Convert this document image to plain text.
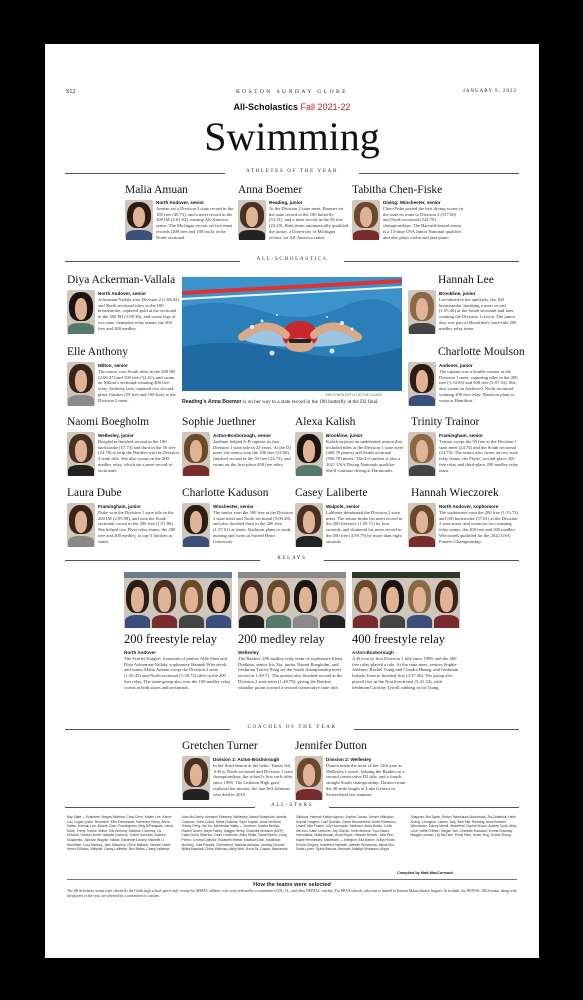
S12	BOSTON SUNDAY GLOBE	JANUARY 9, 2022
All-Scholastics Fall 2021-22
Swimming
ATHLETES OF THE YEAR
Malia Amuan
North Andover, senior
Amuan set a Division 2 state record in the 100 free (49.73), and a meet record in the 200 IM (2:01.02), earning All-America status. The Michigan recruit set two meet records (200 free and 100 back) at the North sectional.
Anna Boemer
Reading, junior
At the Division 2 state meet, Boemer set the state record in the 100 butterfly (53.31), and a meet record in the 50 free (23.20). Both times automatically qualified the junior, a University of Michigan recruit, for All-America status.
Tabitha Chen-Fiske
Diving: Winchester, senior
Chen-Fiske posted the best diving scores in the state en route to Division 2 (517.60) and North sectional (524.70) championships. The Harvard-bound senior is a 13-time USA Junior National qualifier, and also plays violin and jazz piano.
ALL-SCHOLASTICS
Diya Ackerman-Vallala
North Andover, senior
Ackerman-Vallala won Division 2 (1:06.02) and North sectional titles in the 100 breaststroke, captured gold at the sectional in the 200 IM (2:08.36), and swam legs of two state champion relay teams, the 200 free and 200 medley.
Hannah Lee
Brookline, junior
Lee shined in her specialty, the 100 breaststroke, breaking a meet record (1:05.46) at the South sectional and later winning the Division 1 crown. The junior also was part of Brookline's state-title 200 medley relay team.
Elle Anthony
Milton, senior
The senior won South titles in the 200 IM (2:06.37) and 100 free (52.61), and swam on Milton's sectional-winning 400 free relay. Anthony later captured two second-place finishes (50 free and 100 free) at the Division 2 meet.
Charlotte Moulson
Andover, junior
The captain was a double winner at the Division 1 meet, capturing titles in the 200 free (1:54.83) and 500 free (5:07.33). She also swam on Andover's North sectional-winning 400 free relay. Moulson plans to swim at Hamilton.
Naomi Boegholm
Wellesley, junior
Boegholm finished second in the 100 backstroke (57.73) and third in the 50 free (24.78) to help the Raiders win the Division 2 team title. She also swam on the 200 medley relay, which set a meet record at sectionals.
Sophie Juethner
Acton-Boxborough, senior
Juethner helped A-B capture its first Division 1 state title in 23 years. At the D1 meet, the senior won the 100 free (54.08), finished second in the 50 free (24.73), and swam on the first-place 200 free relay.
Alexa Kalish
Brookline, junior
Kalish enjoyed an undefeated season that included titles at the Division 1 state meet (460.70 points) and South sectional (500.70) meets. The 4.0 student is also a 2021 USA Diving Nationals qualifier. She'll continue diving at Dartmouth.
Trinity Trainor
Framingham, senior
Trainor swept the 50 free at the Division 1 state meet (24.74) and the South sectional (24.75). The senior also swam on two state relay teams, the Flyers' second-place 200 free relay and third-place 200 medley relay team.
Laura Dube
Framingham, junior
Dube won the Division 1 state title in the 200 IM (2:09.98), and won the South sectional crown in the 200 free (1:57.86). She helped two Flyer relay teams, the 200 free and 200 medley, to top-3 finishes at states.
Charlotte Kaduson
Winchester, senior
The senior won the 500 free at the Division 2 state meet and North sectional (5:09.28), and also finished third in the 200 free (1:57.01) at states. Kaduson plans to study nursing and swim at Sacred Heart University.
Casey Laliberte
Walpole, senior
Laliberte dominated the Division 2 state meet. The senior broke his meet record in the 200 freestyle (1:50.71) by four seconds, and shattered his meet record in the 500 free (4:59.79) by more than eight seconds.
Hannah Wieczorek
North Andover, sophomore
The sophomore won the 200 free (1:53.73) and 100 backstroke (57.61) at the Division 2 state meet, and swam on two winning relay teams, the 200 free and 200 medley. Wieczorek qualified for the 2022 USA Futures Championship.
GRETCHEN ERTL FOR THE GLOBE
Reading's Anna Boemer is on her way to a state record in the 100 butterfly at the D2 final.
RELAYS
200 freestyle relay
North Andover
The Scarlet Knights' foursome of juniors Allie Shea and Diya Ackerman-Vallala, sophomore Hannah Wieczorek, and senior Malia Amuan swept the Division 2 state (1:36.43) and North sectional (1:38.72) titles in the 200 free relay. The same group also won the 100 medley relay crown at both states and sectionals.
200 medley relay
Wellesley
The Raiders' 200 medley relay team of sophomore Elena Dudkina, senior Iris Xia, junior Naomi Boegholm, and freshman Tracey Peng set the South championship meet record in 1:49.72. The quartet also finished second at the Division 2 state meet (1:48.79), giving the Raiders valuable points toward a second consecutive state title.
400 freestyle relay
Acton-Boxborough
A-B won its first Division 1 title since 1998, and the 400 free relay played a role. At the state meet, seniors Sophie Juethner, Rachel Tsang and Claudia Huang, and freshman Isabela Tenorio finished first (3:37.56). The group also placed first in the North sectional (3:41.34), with freshman Caroline Tyrrell subbing in for Tsang.
COACHES OF THE YEAR
Gretchen Turner
Division 1: Acton-Boxborough
In her third season at the helm, Turner led A-B to North sectional and Division 1 state championships, the school's first such titles since 1998. The Littleton High grad replaced her mentor, the late Jeff Johnson, who died in 2019.
Jennifer Dutton
Division 2: Wellesley
Dutton made the most of her 12th year as Wellesley's coach, helping the Raiders to a second consecutive D2 title, and a fourth straight South championship. Dutton swam the 40-mile length of Lake Geneva in Switzerland last summer.
ALL-STARS
Bay State — Braintree: Megan Bellman, Chris Chen, Kaden Lee, Kelvin Luu, Logan Quinn. Brookline: Ellie Eisenhauer, Katherine Henry, Alexa Kalish, Hannah Lee, Bonnie Zhao. Framingham: Meg DiPasquale, Laura Dube, Trinity Trainor. Milton: Elle Anthony, Madison Cummey, Liv DiSanto. Newton North: Isabella Carberry, Tucker Kornicas, Andrew Scapinello, Jackson Wagner. Natick: Katherine Dorsey, Michelle Li. Needham: Lucy Mackey, Jane Mahoney, Chloe Wallach. Newton North: Honor DiSanto. Walpole: Casey Laliberte, Ben Balles, Casey Laliberte, Liam McCarthy, Avenesh Sheeney. Wellesley: Naomi Boegholm, Amelia Cookson, Sofia Cosca, Elena Dudkina, Sapir Kaplan, Anne McGrew, Tracey Peng, Iris Xia. Merrimack Valley — Andover: Amelia Bertolo, Rachel Devlin, Maya Flatley, Maggie Henry, Charlotte Moulson (MVP), Claire Nolin. Billerica: Claire Lindeman, Abby White, Daniel Burns, Craig Perino. Central Catholic: Elizabeth Beede, Madison Dion, Maddison McGoey, Julia Paradis, Chelmsford: Marissa Antossa, Lindsay Dovnell, Mikila Marshall, Chloe Wellman, Abby Wos, Nova Sa. Dracut: Mackenzie Gibbons, Hannah Kaitlyn Aquino, Sophia Caruso, Kenzie Hillington, Sophia Langero, Carli Quinlan, Carter Beauchemin, Aiden Roberson, Lowell: Nila Frazier, Lilly Houmaaini. Methuen: Anna Bokko, Collie DeLeon, Katie Lefebvre, Jay Oberlin, Keith Ambroe. Tyco Bazer, Hamutallas, Malia Amuan, Anya Boyce, Hannah Brewer, Julia Fine. Kaylie Hennessey. Middlesex — Arlington: Ella Barker, Sofija Fisher, Emma Gregory, Katherine Hartwell, Isabelle Houseman, Alexis Kim, Sadie Lycen, Sylvie Baccus. Belmont: Maeilyn Morassini, Aliyya Snappier, Mia Taylor, Robyn Tsitonlaura-Macdonald, Zia Zaharidis, Heidi Zhang. Lexington: Lauren Jolly, Sam Mei. Reading: Anna Boemer. Winchester: Danny Merrill. Wakefield: Sophie Brown, Audrey Cook, Abby Luce, Kellie O'Brien, Megan Van, Charlotte Kaduson, Emma Roseday, Maggie Landon, Lily McCann, Emily Minh, Annie Xing, Donna Zhang.
Compiled by Matt MacCormack
How the teams were selected
The All-Scholastic teams were chosen by the Globe high school sports staff, except for MSPAC athletes, who were selected by a committee of DL, CL, and other NEPSAC coaches. For MIAA schools, selection is limited to Eastern Massachusetts leagues. In football, the NEPSAC All-S teams, along with the players of the year, are selected by a committee of coaches.
